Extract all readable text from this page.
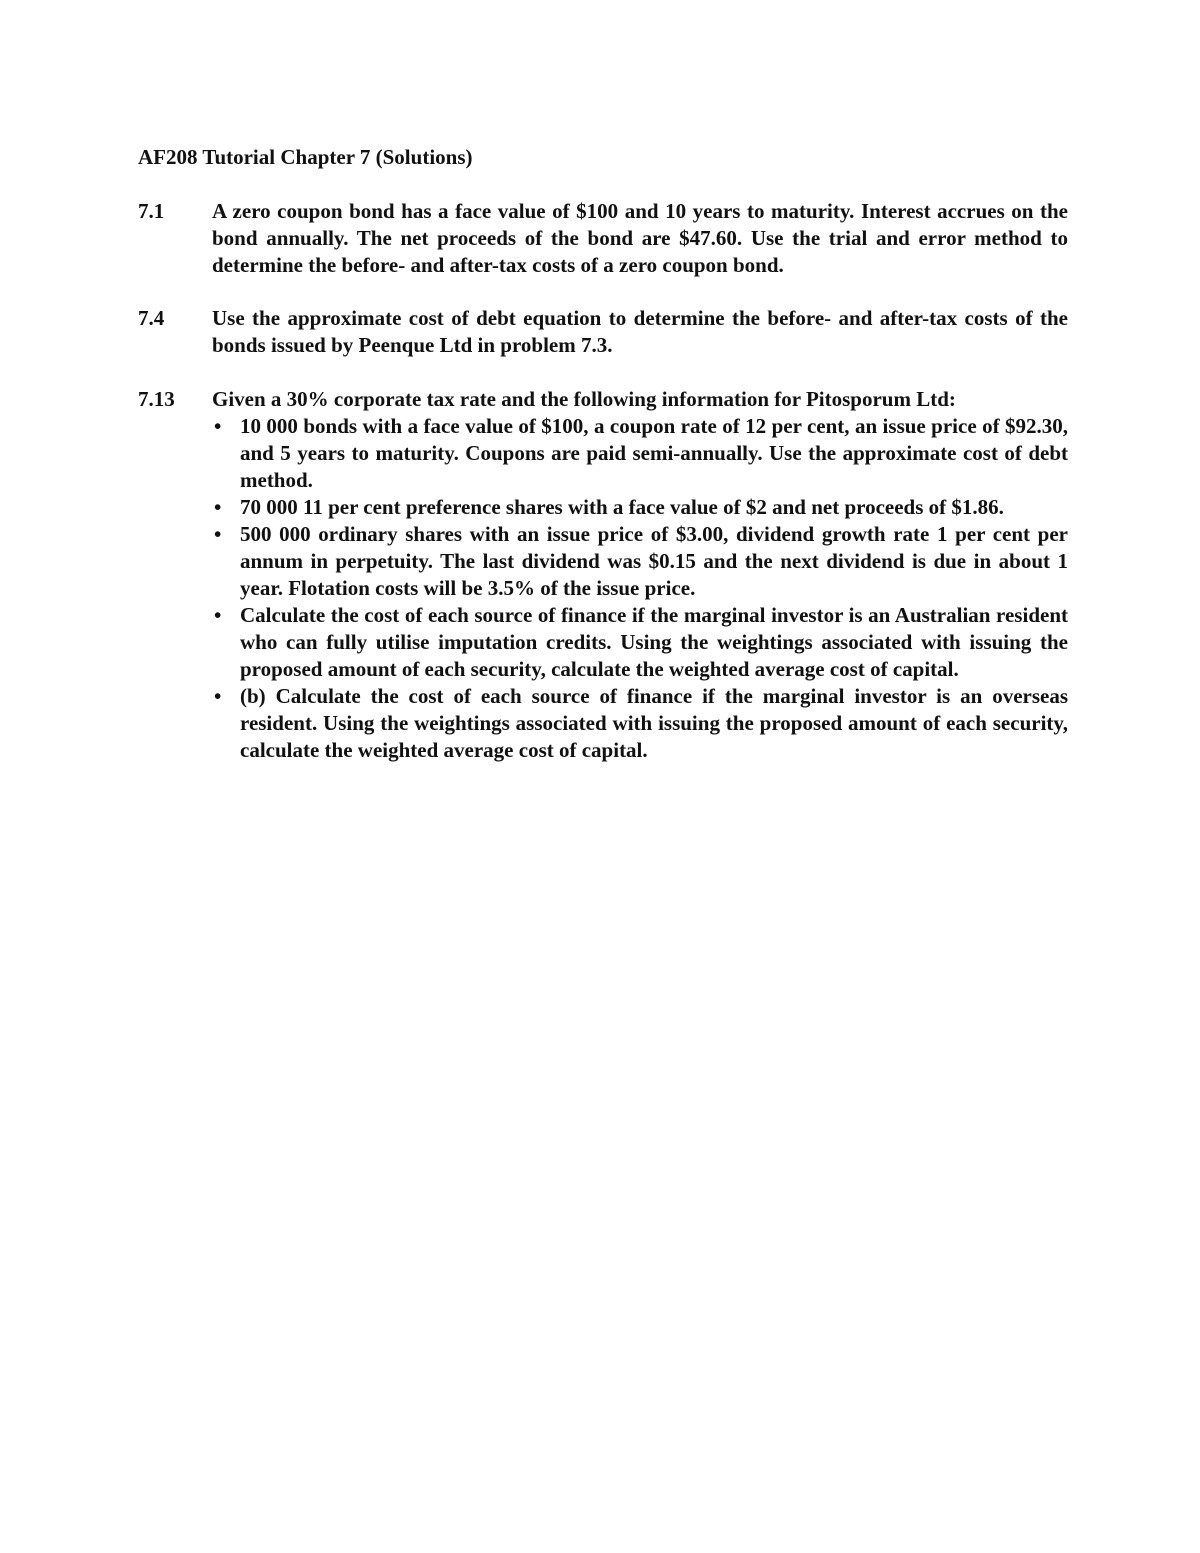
AF208 Tutorial Chapter 7 (Solutions)
7.1	A zero coupon bond has a face value of $100 and 10 years to maturity. Interest accrues on the bond annually. The net proceeds of the bond are $47.60. Use the trial and error method to determine the before- and after-tax costs of a zero coupon bond.
7.4	Use the approximate cost of debt equation to determine the before- and after-tax costs of the bonds issued by Peenque Ltd in problem 7.3.
7.13	Given a 30% corporate tax rate and the following information for Pitosporum Ltd:
• 10 000 bonds with a face value of $100, a coupon rate of 12 per cent, an issue price of $92.30, and 5 years to maturity. Coupons are paid semi-annually. Use the approximate cost of debt method.
• 70 000 11 per cent preference shares with a face value of $2 and net proceeds of $1.86.
• 500 000 ordinary shares with an issue price of $3.00, dividend growth rate 1 per cent per annum in perpetuity. The last dividend was $0.15 and the next dividend is due in about 1 year. Flotation costs will be 3.5% of the issue price.
• Calculate the cost of each source of finance if the marginal investor is an Australian resident who can fully utilise imputation credits. Using the weightings associated with issuing the proposed amount of each security, calculate the weighted average cost of capital.
• (b) Calculate the cost of each source of finance if the marginal investor is an overseas resident. Using the weightings associated with issuing the proposed amount of each security, calculate the weighted average cost of capital.
